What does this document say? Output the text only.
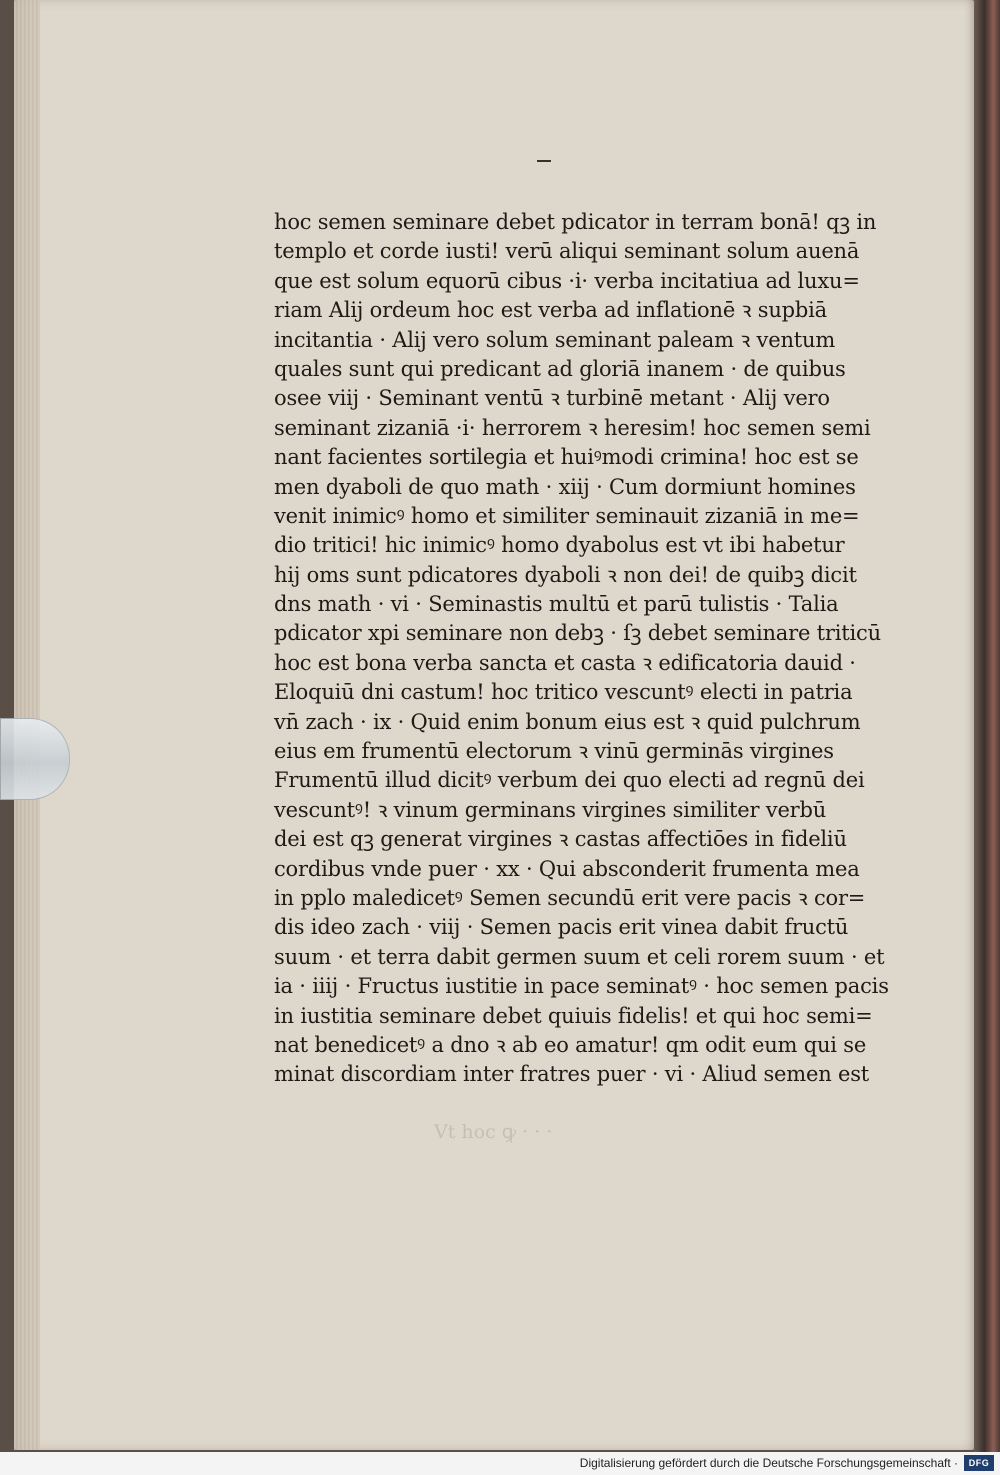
hoc semen seminare debet pdicator in terram bonā! qꝫ in
templo et corde iusti! verū aliqui seminant solum auenā
que est solum equorū cibus ·i· verba incitatiua ad luxu=
riam Alij ordeum hoc est verba ad inflationē ꝛ supbiā
incitantia · Alij vero solum seminant paleam ꝛ ventum
quales sunt qui predicant ad gloriā inanem · de quibus
osee viij · Seminant ventū ꝛ turbinē metant · Alij vero
seminant zizaniā ·i· herrorem ꝛ heresim! hoc semen semi
nant facientes sortilegia et huiꝰmodi crimina! hoc est se
men dyaboli de quo math · xiij · Cum dormiunt homines
venit inimicꝰ homo et similiter seminauit zizaniā in me=
dio tritici! hic inimicꝰ homo dyabolus est vt ibi habetur
hij oms sunt pdicatores dyaboli ꝛ non dei! de quibꝫ dicit
dns math · vi · Seminastis multū et parū tulistis · Talia
pdicator xpi seminare non debꝫ · ſꝫ debet seminare triticū
hoc est bona verba sancta et casta ꝛ edificatoria dauid ·
Eloquiū dni castum! hoc tritico vescuntꝰ electi in patria
vn̄ zach · ix · Quid enim bonum eius est ꝛ quid pulchrum
eius em frumentū electorum ꝛ vinū germinās virgines
Frumentū illud dicitꝰ verbum dei quo electi ad regnū dei
vescuntꝰ! ꝛ vinum germinans virgines similiter verbū
dei est qꝫ generat virgines ꝛ castas affectiōes in fideliū
cordibus vnde puer · xx · Qui absconderit frumenta mea
in pplo maledicetꝰ Semen secundū erit vere pacis ꝛ cor=
dis ideo zach · viij · Semen pacis erit vinea dabit fructū
suum · et terra dabit germen suum et celi rorem suum · et
ia · iiij · Fructus iustitie in pace seminatꝰ · hoc semen pacis
in iustitia seminare debet quiuis fidelis! et qui hoc semi=
nat benedicetꝰ a dno ꝛ ab eo amatur! qm odit eum qui se
minat discordiam inter fratres puer · vi · Aliud semen est
Vt hoc ꝙ · · ·
Digitalisierung gefördert durch die Deutsche Forschungsgemeinschaft ·	DFG
